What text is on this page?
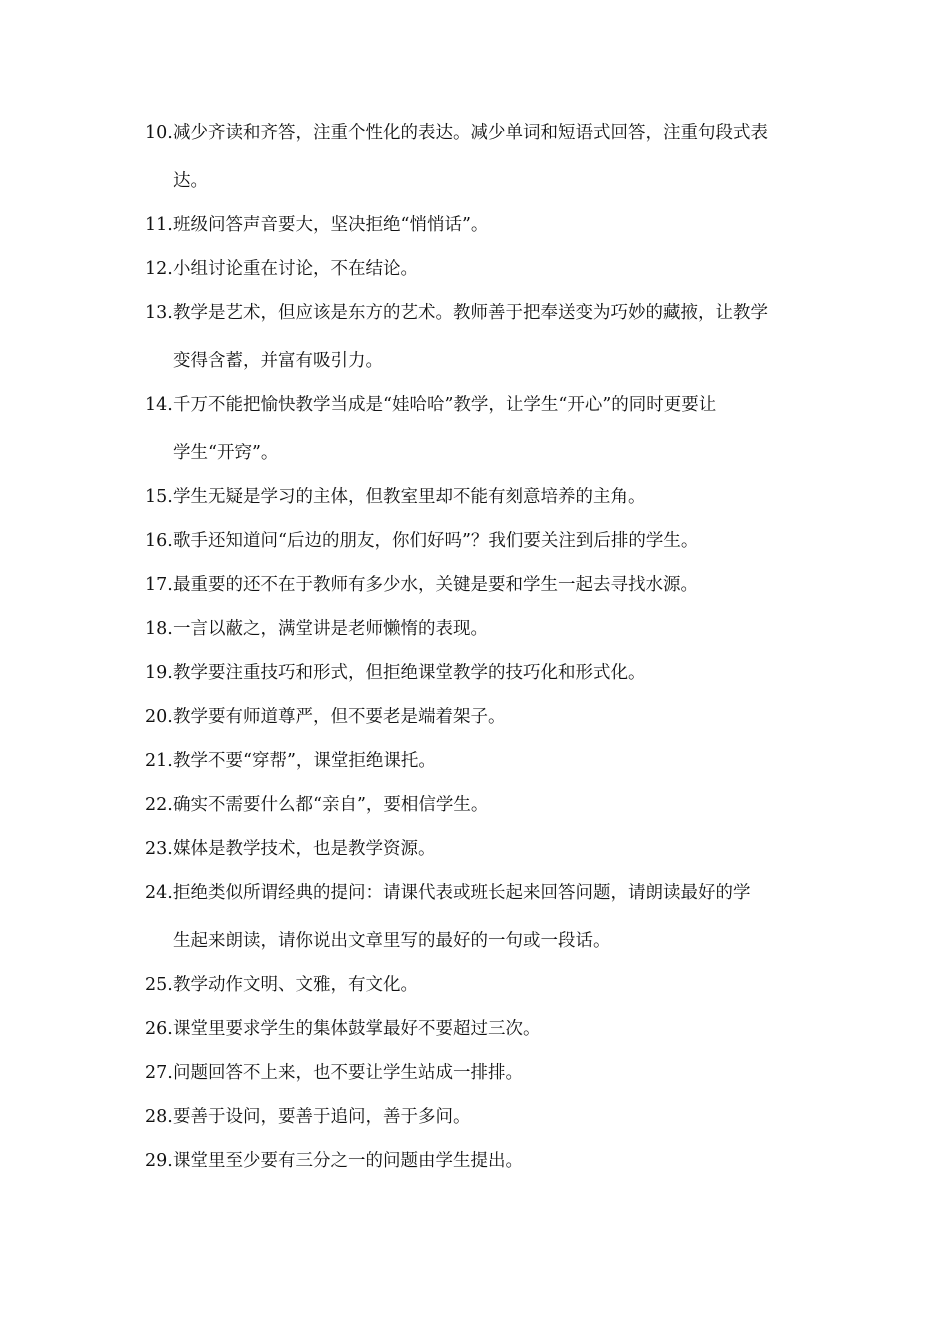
10. 减少齐读和齐答，注重个性化的表达。减少单词和短语式回答，注重句段式表
达。
11. 班级问答声音要大，坚决拒绝“悄悄话”。
12. 小组讨论重在讨论，不在结论。
13. 教学是艺术，但应该是东方的艺术。教师善于把奉送变为巧妙的藏掖，让教学
变得含蓄，并富有吸引力。
14. 千万不能把愉快教学当成是“娃哈哈”教学，让学生“开心”的同时更要让
学生“开窍”。
15. 学生无疑是学习的主体，但教室里却不能有刻意培养的主角。
16. 歌手还知道问“后边的朋友，你们好吗”？我们要关注到后排的学生。
17. 最重要的还不在于教师有多少水，关键是要和学生一起去寻找水源。
18. 一言以蔽之，满堂讲是老师懒惰的表现。
19. 教学要注重技巧和形式，但拒绝课堂教学的技巧化和形式化。
20. 教学要有师道尊严，但不要老是端着架子。
21. 教学不要“穿帮”，课堂拒绝课托。
22. 确实不需要什么都“亲自”，要相信学生。
23. 媒体是教学技术，也是教学资源。
24. 拒绝类似所谓经典的提问：请课代表或班长起来回答问题，请朗读最好的学
生起来朗读，请你说出文章里写的最好的一句或一段话。
25. 教学动作文明、文雅，有文化。
26. 课堂里要求学生的集体鼓掌最好不要超过三次。
27. 问题回答不上来，也不要让学生站成一排排。
28. 要善于设问，要善于追问，善于多问。
29. 课堂里至少要有三分之一的问题由学生提出。
